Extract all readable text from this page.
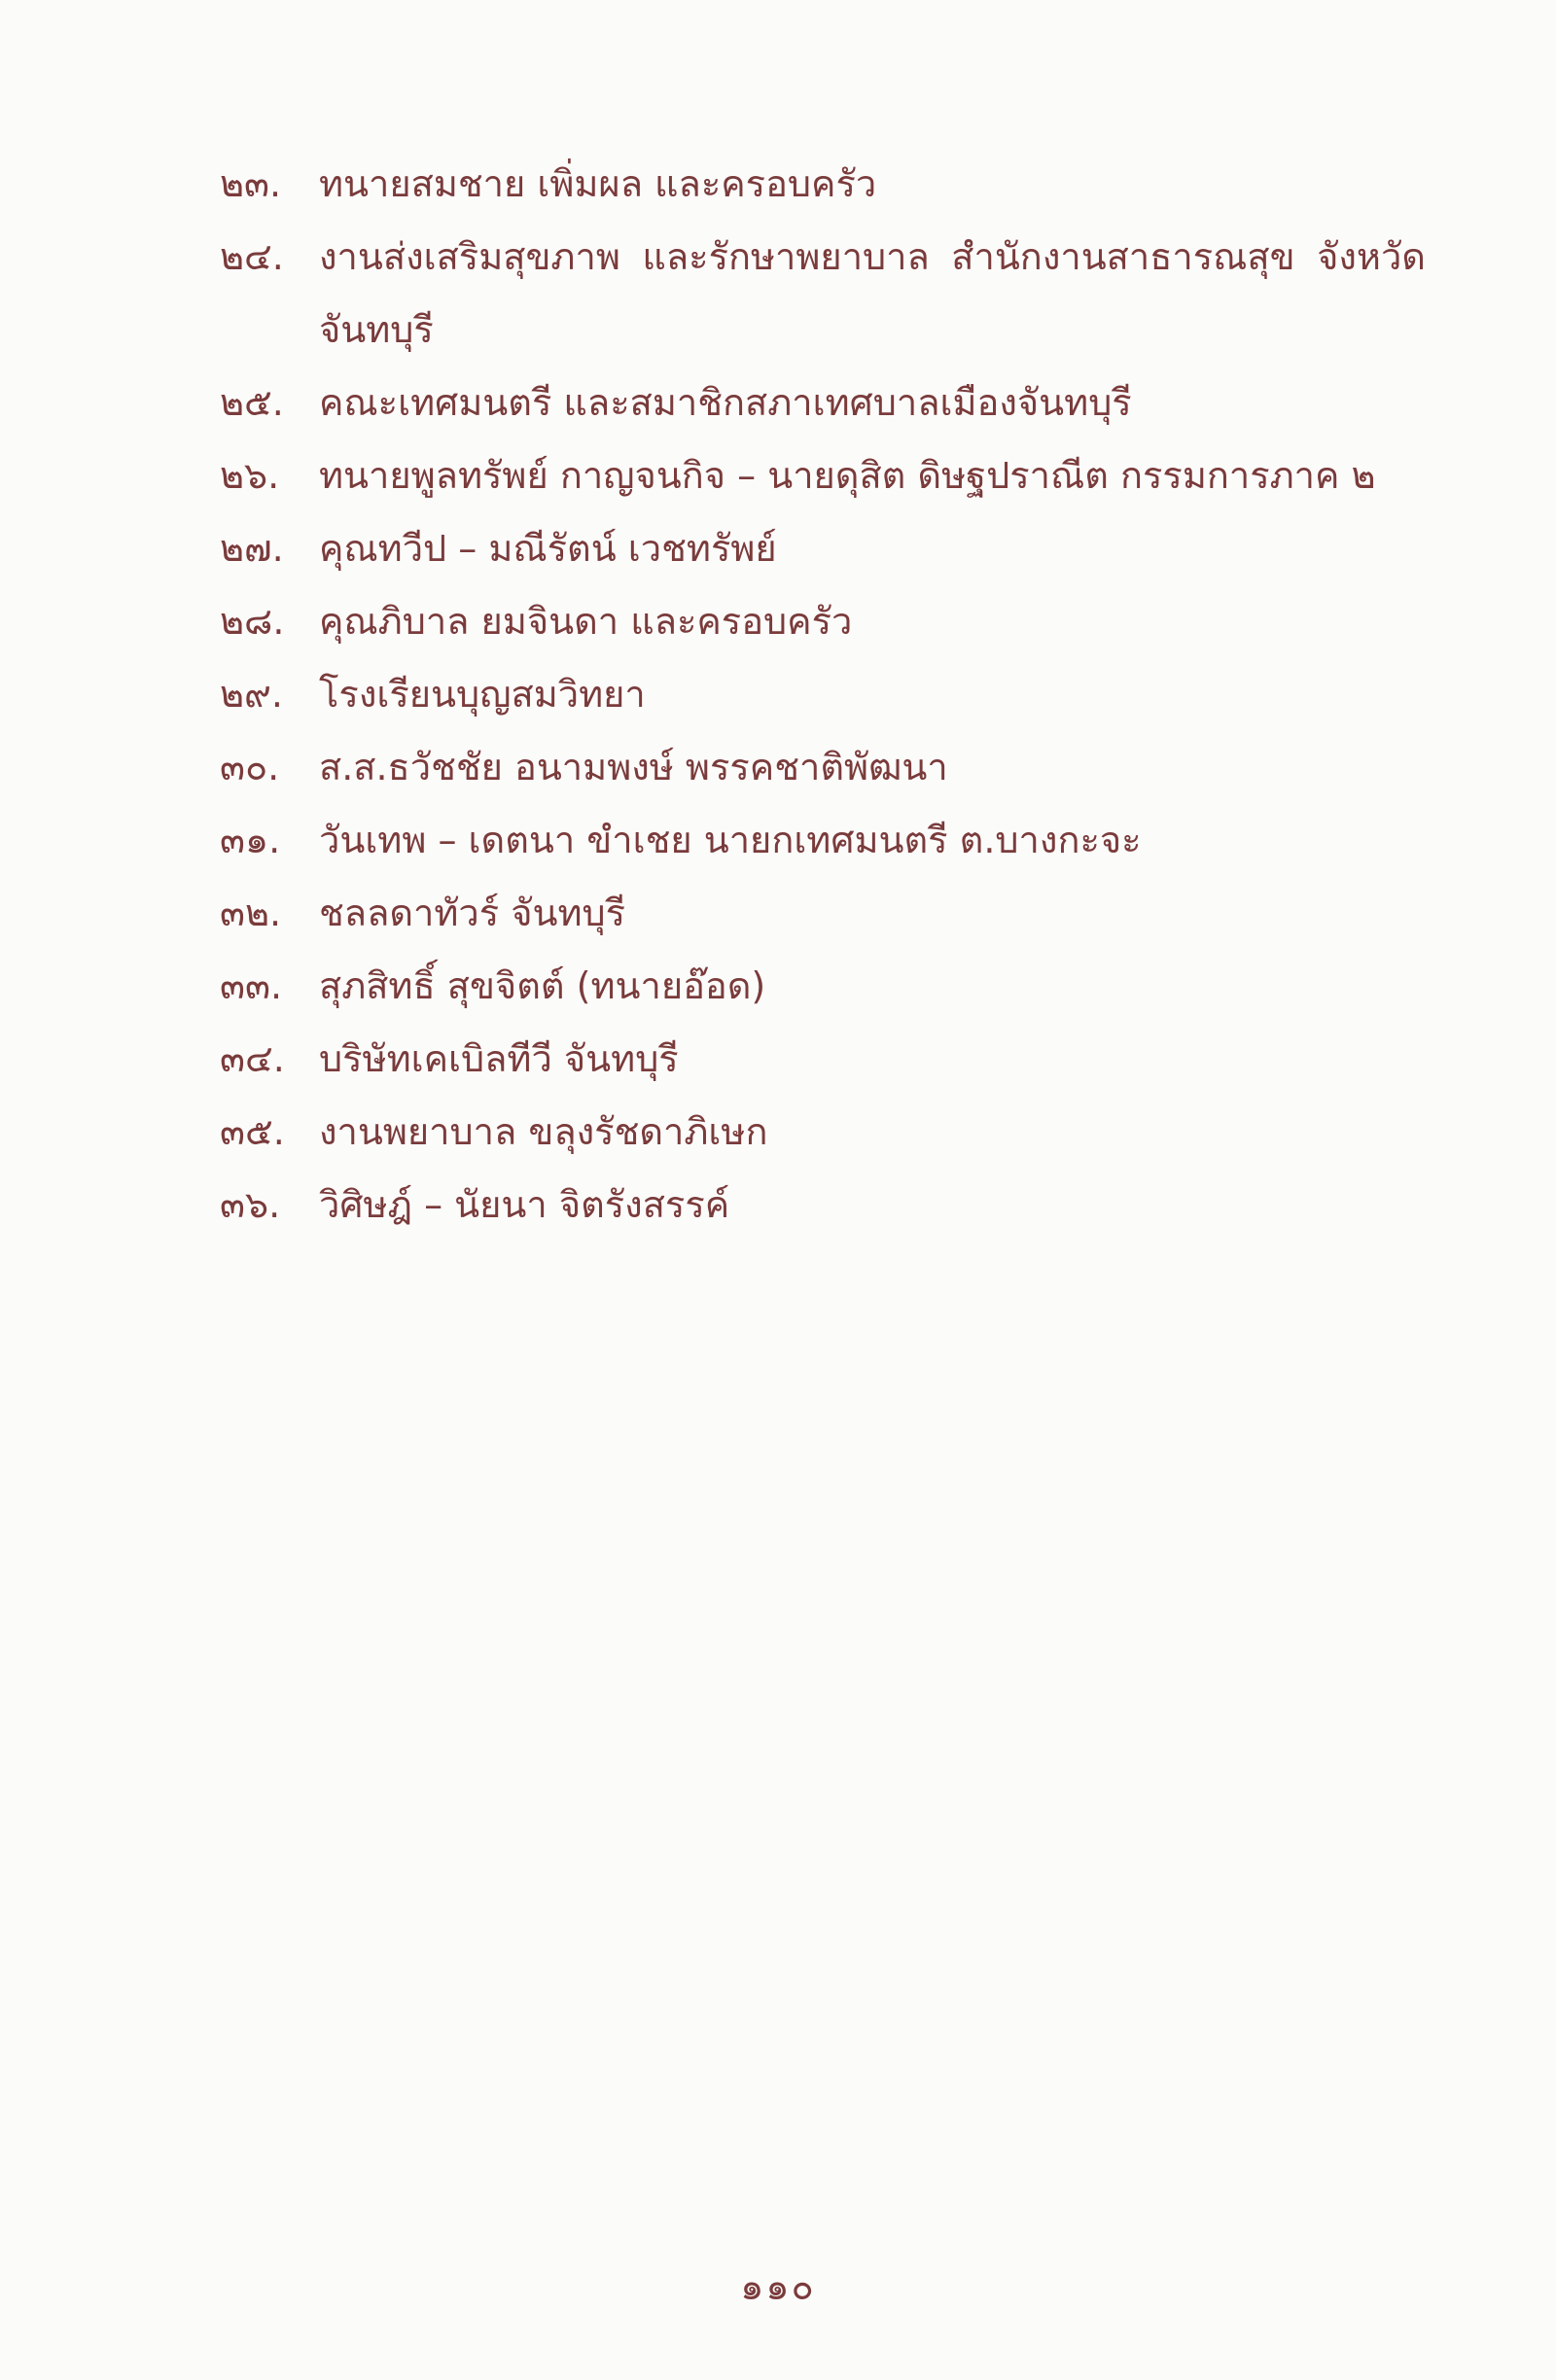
๒๓. ทนายสมชาย เพิ่มผล และครอบครัว
๒๔. งานส่งเสริมสุขภาพ และรักษาพยาบาล สำนักงานสาธารณสุข จังหวัดจันทบุรี
๒๕. คณะเทศมนตรี และสมาชิกสภาเทศบาลเมืองจันทบุรี
๒๖. ทนายพูลทรัพย์ กาญจนกิจ – นายดุสิต ดิษฐปราณีต กรรมการภาค ๒
๒๗. คุณทวีป – มณีรัตน์ เวชทรัพย์
๒๘. คุณภิบาล ยมจินดา และครอบครัว
๒๙. โรงเรียนบุญสมวิทยา
๓๐. ส.ส.ธวัชชัย อนามพงษ์ พรรคชาติพัฒนา
๓๑. วันเทพ – เดตนา ขำเชย นายกเทศมนตรี ต.บางกะจะ
๓๒. ชลลดาทัวร์ จันทบุรี
๓๓. สุภสิทธิ์ สุขจิตต์ (ทนายอ๊อด)
๓๔. บริษัทเคเบิลทีวี จันทบุรี
๓๕. งานพยาบาล ขลุงรัชดาภิเษก
๓๖. วิศิษฎ์ – นัยนา จิตรังสรรค์
๑๑๐
